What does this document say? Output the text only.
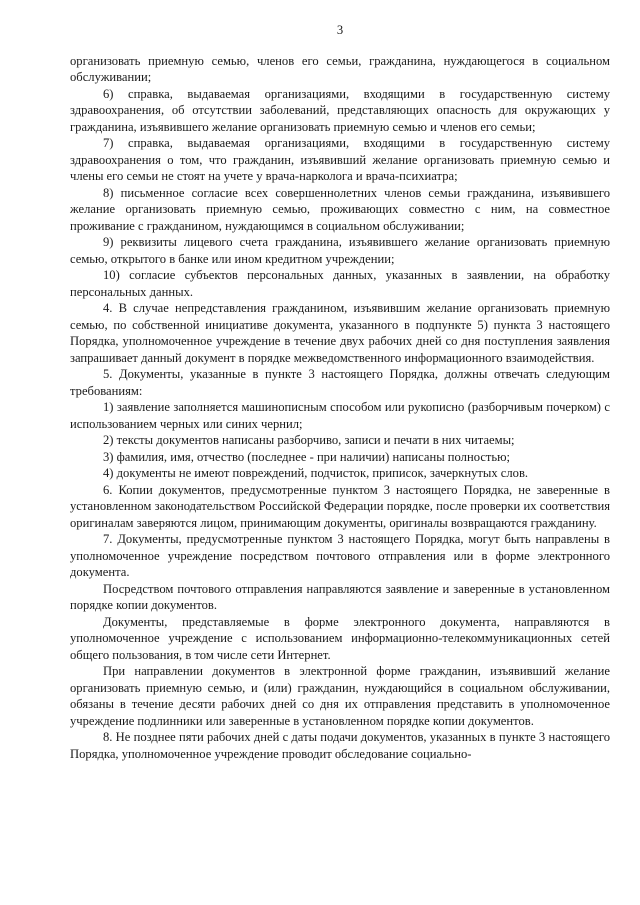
3

организовать приемную семью, членов его семьи, гражданина, нуждающегося в социальном обслуживании;

6) справка, выдаваемая организациями, входящими в государственную систему здравоохранения, об отсутствии заболеваний, представляющих опасность для окружающих у гражданина, изъявившего желание организовать приемную семью и членов его семьи;

7) справка, выдаваемая организациями, входящими в государственную систему здравоохранения о том, что гражданин, изъявивший желание организовать приемную семью и члены его семьи не стоят на учете у врача-нарколога и врача-психиатра;

8) письменное согласие всех совершеннолетних членов семьи гражданина, изъявившего желание организовать приемную семью, проживающих совместно с ним, на совместное проживание с гражданином, нуждающимся в социальном обслуживании;

9) реквизиты лицевого счета гражданина, изъявившего желание организовать приемную семью, открытого в банке или ином кредитном учреждении;

10) согласие субъектов персональных данных, указанных в заявлении, на обработку персональных данных.

4. В случае непредставления гражданином, изъявившим желание организовать приемную семью, по собственной инициативе документа, указанного в подпункте 5) пункта 3 настоящего Порядка, уполномоченное учреждение в течение двух рабочих дней со дня поступления заявления запрашивает данный документ в порядке межведомственного информационного взаимодействия.

5. Документы, указанные в пункте 3 настоящего Порядка, должны отвечать следующим требованиям:

1) заявление заполняется машинописным способом или рукописно (разборчивым почерком) с использованием черных или синих чернил;

2) тексты документов написаны разборчиво, записи и печати в них читаемы;

3) фамилия, имя, отчество (последнее - при наличии) написаны полностью;

4) документы не имеют повреждений, подчисток, приписок, зачеркнутых слов.

6. Копии документов, предусмотренные пунктом 3 настоящего Порядка, не заверенные в установленном законодательством Российской Федерации порядке, после проверки их соответствия оригиналам заверяются лицом, принимающим документы, оригиналы возвращаются гражданину.

7. Документы, предусмотренные пунктом 3 настоящего Порядка, могут быть направлены в уполномоченное учреждение посредством почтового отправления или в форме электронного документа.

Посредством почтового отправления направляются заявление и заверенные в установленном порядке копии документов.

Документы, представляемые в форме электронного документа, направляются в уполномоченное учреждение с использованием информационно-телекоммуникационных сетей общего пользования, в том числе сети Интернет.

При направлении документов в электронной форме гражданин, изъявивший желание организовать приемную семью, и (или) гражданин, нуждающийся в социальном обслуживании, обязаны в течение десяти рабочих дней со дня их отправления представить в уполномоченное учреждение подлинники или заверенные в установленном порядке копии документов.

8. Не позднее пяти рабочих дней с даты подачи документов, указанных в пункте 3 настоящего Порядка, уполномоченное учреждение проводит обследование социально-
